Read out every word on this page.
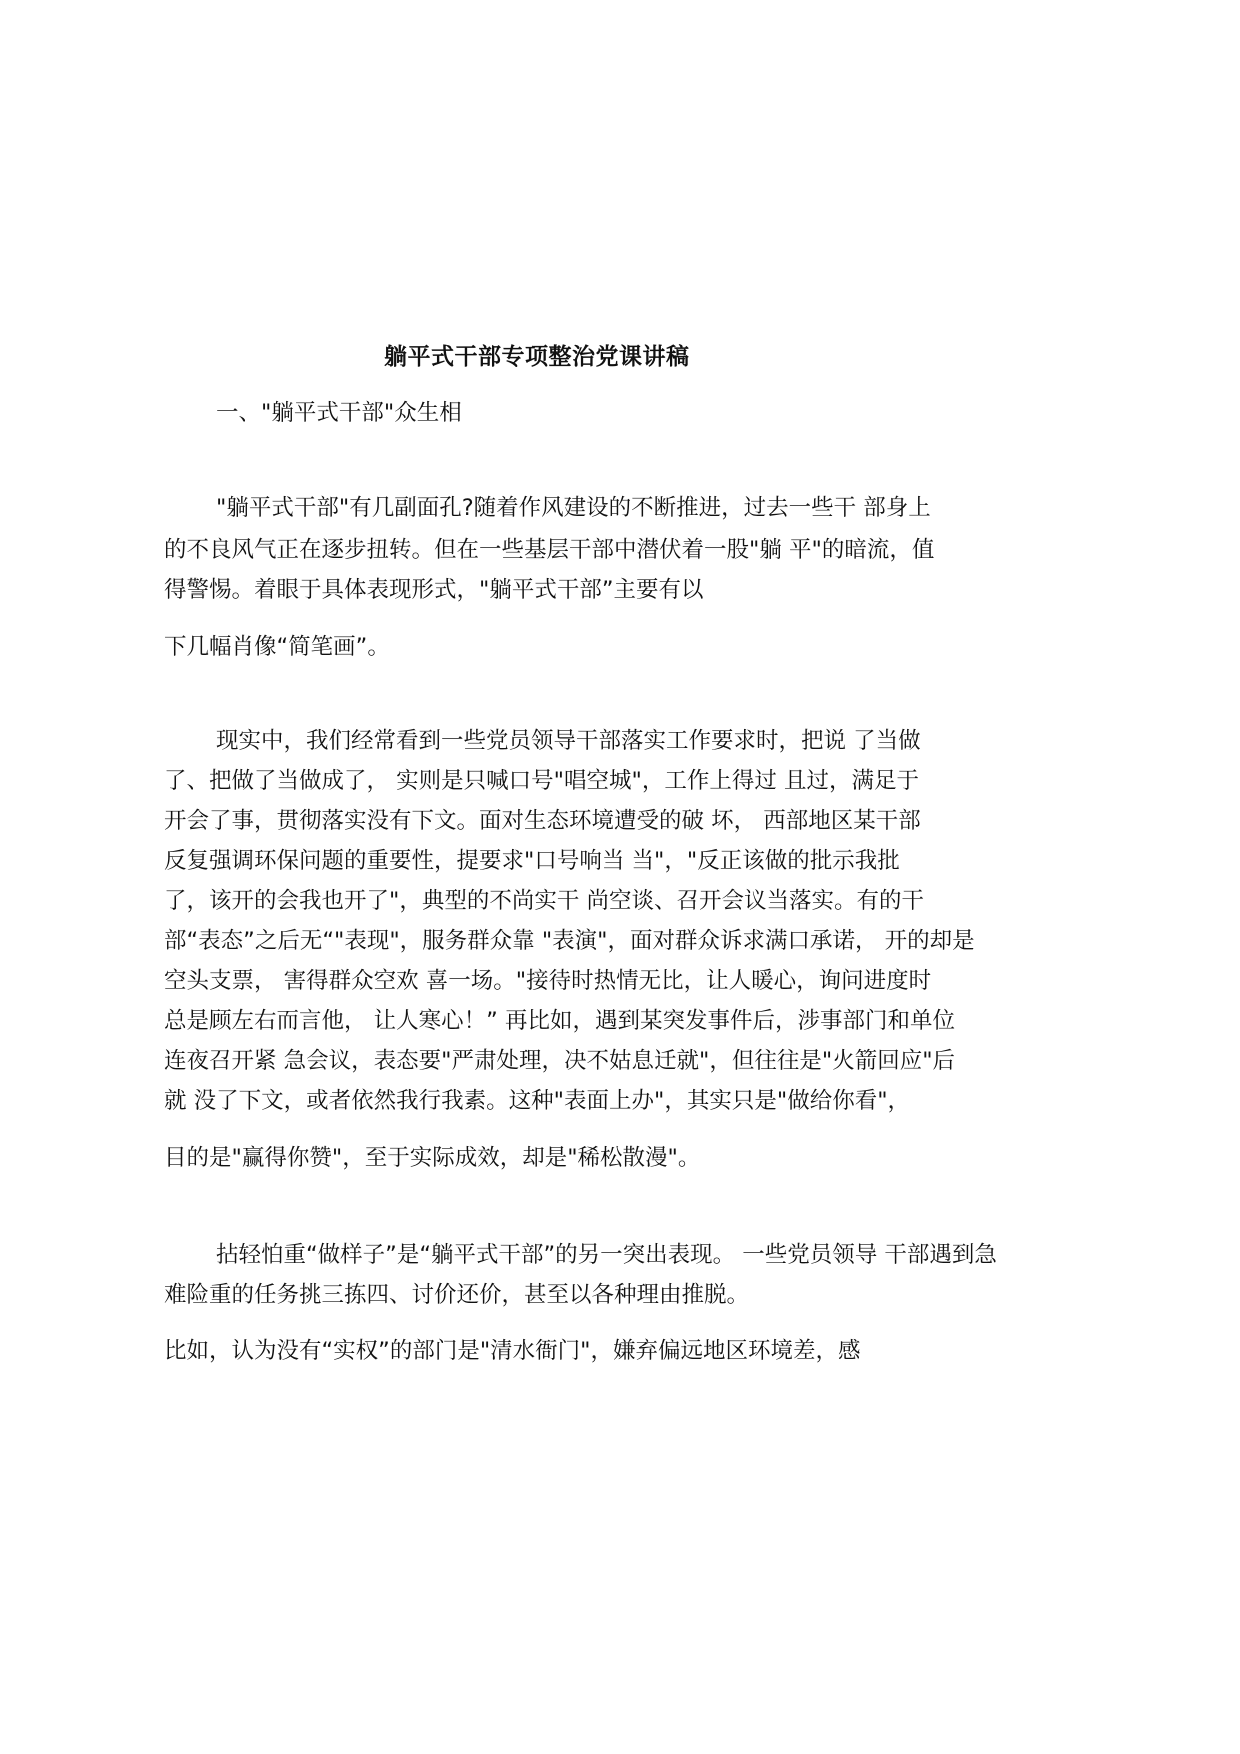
躺平式干部专项整治党课讲稿
一、"躺平式干部"众生相
"躺平式干部"有几副面孔?随着作风建设的不断推进，过去一些干 部身上
的不良风气正在逐步扭转。但在一些基层干部中潜伏着一股"躺 平"的暗流，值
得警惕。着眼于具体表现形式，"躺平式干部”主要有以
下几幅肖像“简笔画”。
现实中，我们经常看到一些党员领导干部落实工作要求时，把说 了当做
了、把做了当做成了， 实则是只喊口号"唱空城"，工作上得过 且过，满足于
开会了事，贯彻落实没有下文。面对生态环境遭受的破 坏， 西部地区某干部
反复强调环保问题的重要性，提要求"口号响当 当"，"反正该做的批示我批
了，该开的会我也开了"，典型的不尚实干 尚空谈、召开会议当落实。有的干
部“表态”之后无“"表现"，服务群众靠 "表演"，面对群众诉求满口承诺， 开的却是
空头支票， 害得群众空欢 喜一场。"接待时热情无比，让人暖心，询问进度时
总是顾左右而言他， 让人寒心！” 再比如，遇到某突发事件后，涉事部门和单位
连夜召开紧 急会议，表态要"严肃处理，决不姑息迁就"，但往往是"火箭回应"后
就 没了下文，或者依然我行我素。这种"表面上办"，其实只是"做给你看"，
目的是"赢得你赞"，至于实际成效，却是"稀松散漫"。
拈轻怕重“做样子”是“躺平式干部”的另一突出表现。 一些党员领导 干部遇到急
难险重的任务挑三拣四、讨价还价，甚至以各种理由推脱。
比如，认为没有“实权”的部门是"清水衙门"，嫌弃偏远地区环境差，感
